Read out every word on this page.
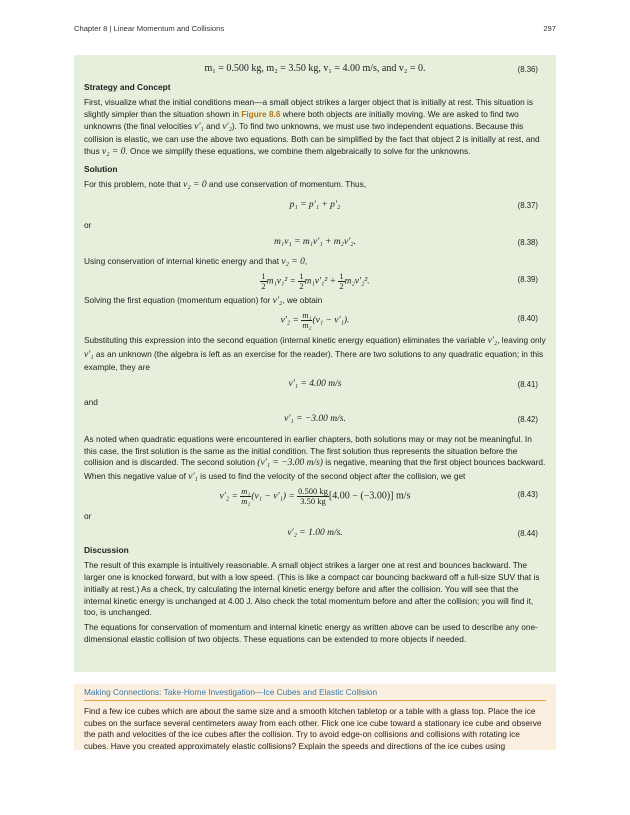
Chapter 8 | Linear Momentum and Collisions	297
m₁ = 0.500 kg, m₂ = 3.50 kg, v₁ = 4.00 m/s, and v₂ = 0.	(8.36)
Strategy and Concept

First, visualize what the initial conditions mean—a small object strikes a larger object that is initially at rest. This situation is slightly simpler than the situation shown in Figure 8.6 where both objects are initially moving. We are asked to find two unknowns (the final velocities v′₁ and v′₂). To find two unknowns, we must use two independent equations. Because this collision is elastic, we can use the above two equations. Both can be simplified by the fact that object 2 is initially at rest, and thus v₂ = 0. Once we simplify these equations, we combine them algebraically to solve for the unknowns.

Solution

For this problem, note that v₂ = 0 and use conservation of momentum. Thus,

p₁ = p′₁ + p′₂	(8.37)

or

m₁v₁ = m₁v′₁ + m₂v′₂.	(8.38)

Using conservation of internal kinetic energy and that v₂ = 0,

$\frac{1}{2} m_1v_1^2 = \frac{1}{2} m_1v'_1^2 + \frac{1}{2} m_2v'_2^2$.	(8.39)

Solving the first equation (momentum equation) for v′₂, we obtain

$v'_2 = \frac{\text{m₁}}{\text{m₂}} (v_1 - v'_1)$.	(8.40)

Substituting this expression into the second equation (internal kinetic energy equation) eliminates the variable v′₂, leaving only v′₁ as an unknown (the algebra is left as an exercise for the reader). There are two solutions to any quadratic equation; in this example, they are

v′₁ = 4.00 m/s	(8.41)

and

v′₁ = −3.00 m/s.	(8.42)

As noted when quadratic equations were encountered in earlier chapters, both solutions may or may not be meaningful. In this case, the first solution is the same as the initial condition. The first solution thus represents the situation before the collision and is discarded. The second solution (v′₁ = −3.00 m/s) is negative, meaning that the first object bounces backward. When this negative value of v′₁ is used to find the velocity of the second object after the collision, we get

$v'_2 = \frac{\text{m₁}}{\text{m₂}} (v_1 - v'_1) = \frac{0.500 kg}{3.50 kg} [4.00 - (-3.00)]$ m/s	(8.43)

or

v′₂ = 1.00 m/s.	(8.44)
Discussion

The result of this example is intuitively reasonable. A small object strikes a larger one at rest and bounces backward. The larger one is knocked forward, but with a low speed. (This is like a compact car bouncing backward off a full-size SUV that is initially at rest.) As a check, try calculating the internal kinetic energy before and after the collision. You will see that the internal kinetic energy is unchanged at 4.00 J. Also check the total momentum before and after the collision; you will find it, too, is unchanged.

The equations for conservation of momentum and internal kinetic energy as written above can be used to describe any one-dimensional elastic collision of two objects. These equations can be extended to more objects if needed.

Making Connections: Take-Home Investigation—Ice Cubes and Elastic Collision

Find a few ice cubes which are about the same size and a smooth kitchen tabletop or a table with a glass top. Place the ice cubes on the surface several centimeters away from each other. Flick one ice cube toward a stationary ice cube and observe the path and velocities of the ice cubes after the collision. Try to avoid edge-on collisions and collisions with rotating ice cubes. Have you created approximately elastic collisions? Explain the speeds and directions of the ice cubes using
